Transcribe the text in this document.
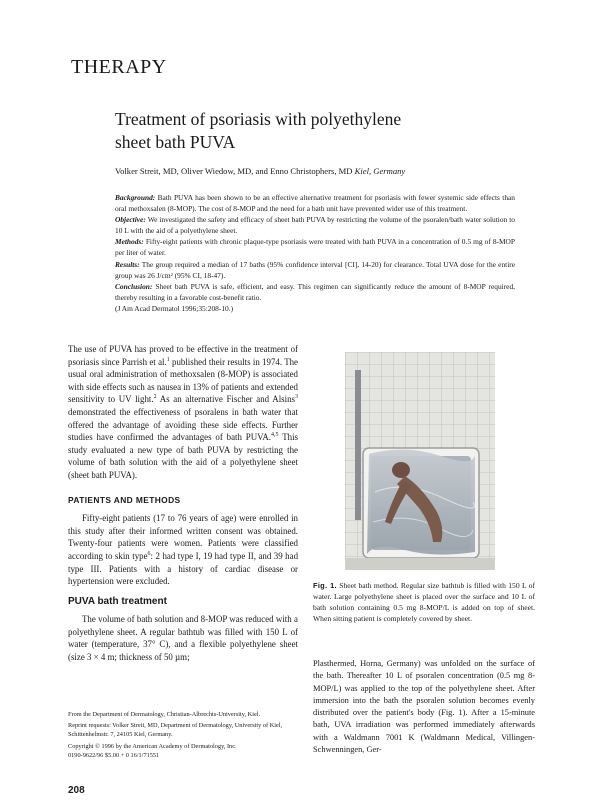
THERAPY
Treatment of psoriasis with polyethylene
sheet bath PUVA
Volker Streit, MD, Oliver Wiedow, MD, and Enno Christophers, MD Kiel, Germany

Background: Bath PUVA has been shown to be an effective alternative treatment for psoriasis with fewer systemic side effects than oral methoxsalen (8-MOP). The cost of 8-MOP and the need for a bath unit have prevented wider use of this treatment.

Objective: We investigated the safety and efficacy of sheet bath PUVA by restricting the volume of the psoralen/bath water solution to 10 L with the aid of a polyethylene sheet.

Methods: Fifty-eight patients with chronic plaque-type psoriasis were treated with bath PUVA in a concentration of 0.5 mg of 8-MOP per liter of water.

Results: The group required a median of 17 baths (95% confidence interval [CI], 14-20) for clearance. Total UVA dose for the entire group was 26 J/cm² (95% CI, 18-47).

Conclusion: Sheet bath PUVA is safe, efficient, and easy. This regimen can significantly reduce the amount of 8-MOP required, thereby resulting in a favorable cost-benefit ratio.
(J Am Acad Dermatol 1996;35:208-10.)

The use of PUVA has proved to be effective in the treatment of psoriasis since Parrish et al.$^1$ published their results in 1974. The usual oral administration of methoxsalen (8-MOP) is associated with side effects such as nausea in 13% of patients and extended sensitivity to UV light.$^2$ As an alternative Fischer and Alsins$^3$ demonstrated the effectiveness of psoralens in bath water that offered the advantage of avoiding these side effects. Further studies have confirmed the advantages of bath PUVA.$^{4,5}$ This study evaluated a new type of bath PUVA by restricting the volume of bath solution with the aid of a polyethylene sheet (sheet bath PUVA).

PATIENTS AND METHODS

Fifty-eight patients (17 to 76 years of age) were enrolled in this study after their informed written consent was obtained. Twenty-four patients were women. Patients were classified according to skin type$^6$: 2 had type I, 19 had type II, and 39 had type III. Patients with a history of cardiac disease or hypertension were excluded.

PUVA bath treatment

The volume of bath solution and 8-MOP was reduced with a polyethylene sheet. A regular bathtub was filled with 150 L of water (temperature, 37° C), and a flexible polyethylene sheet (size 3 × 4 m; thickness of 50 µm;

From the Department of Dermatology, Christian-Albrechts-University, Kiel.

Reprint requests: Volker Streit, MD, Department of Dermatology, University of Kiel, Schittenhelmstr. 7, 24105 Kiel, Germany.

Copyright © 1996 by the American Academy of Dermatology, Inc.

0190-9622/96 $5.00 + 0 16/1/71551

208
Fig. 1. Sheet bath method. Regular size bathtub is filled with 150 L of water. Large polyethylene sheet is placed over the surface and 10 L of bath solution containing 0.5 mg 8-MOP/L is added on top of sheet. When sitting patient is completely covered by sheet.

Plasthermed, Horna, Germany) was unfolded on the surface of the bath. Thereafter 10 L of psoralen concentration (0.5 mg 8-MOP/L) was applied to the top of the polyethylene sheet. After immersion into the bath the psoralen solution becomes evenly distributed over the patient's body (Fig. 1). After a 15-minute bath, UVA irradiation was performed immediately afterwards with a Waldmann 7001 K (Waldmann Medical, Villingen-Schwenningen, Ger-
